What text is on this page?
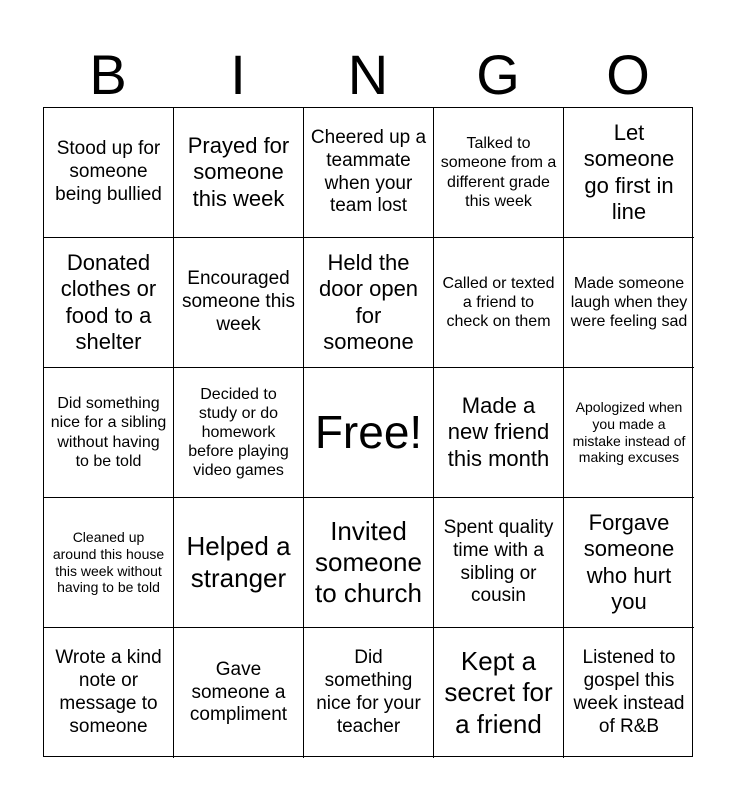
B	I	N	G	O
Stood up for someone being bullied
Prayed for someone this week
Cheered up a teammate when your team lost
Talked to someone from a different grade this week
Let someone go first in line
Donated clothes or food to a shelter
Encouraged someone this week
Held the door open for someone
Called or texted a friend to check on them
Made someone laugh when they were feeling sad
Did something nice for a sibling without having to be told
Decided to study or do homework before playing video games
Free!
Made a new friend this month
Apologized when you made a mistake instead of making excuses
Cleaned up around this house this week without having to be told
Helped a stranger
Invited someone to church
Spent quality time with a sibling or cousin
Forgave someone who hurt you
Wrote a kind note or message to someone
Gave someone a compliment
Did something nice for your teacher
Kept a secret for a friend
Listened to gospel this week instead of R&B
